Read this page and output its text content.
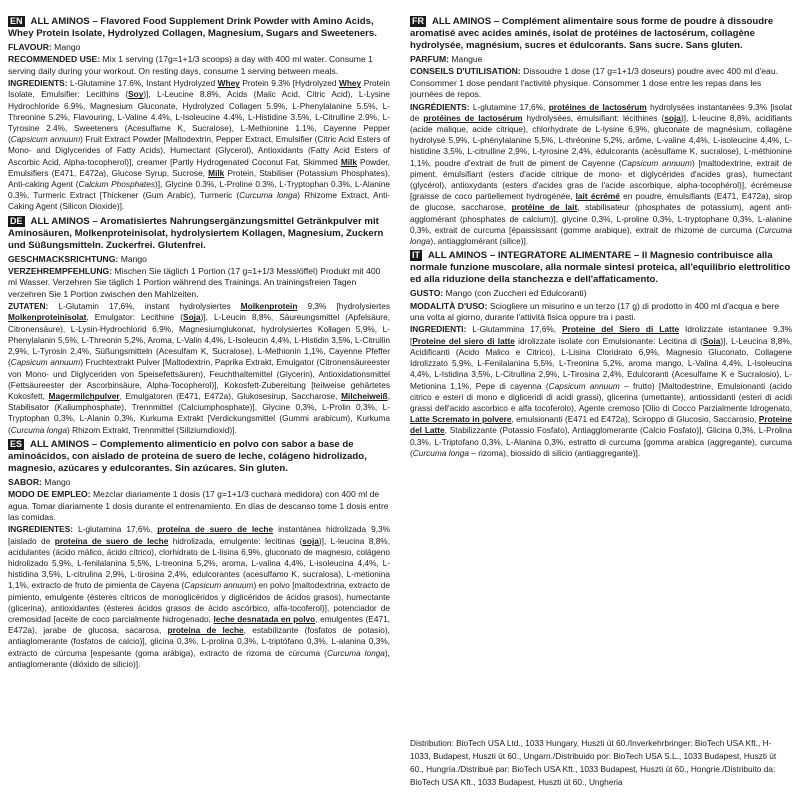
EN ALL AMINOS – Flavored Food Supplement Drink Powder with Amino Acids, Whey Protein Isolate, Hydrolyzed Collagen, Magnesium, Sugars and Sweeteners.
FLAVOUR: Mango
RECOMMENDED USE: Mix 1 serving (17g=1+1/3 scoops) a day with 400 ml water. Consume 1 serving daily during your workout. On resting days, consume 1 serving between meals.
INGREDIENTS: L-Glutamine 17.6%, Instant Hydrolyzed Whey Protein 9.3% [Hydrolyzed Whey Protein Isolate, Emulsifier: Lecithins (Soy)], L-Leucine 8.8%, Acids (Malic Acid, Citric Acid), L-Lysine Hydrochloride 6.9%, Magnesium Gluconate, Hydrolyzed Collagen 5.9%, L-Phenylalanine 5.5%, L-Threonine 5.2%, Flavouring, L-Valine 4.4%, L-Isoleucine 4.4%, L-Histidine 3.5%, L-Citrulline 2.9%, L-Tyrosine 2.4%, Sweeteners (Acesulfame K, Sucralose), L-Methionine 1.1%, Cayenne Pepper (Capsicum annuum) Fruit Extract Powder [Maltodextrin, Pepper Extract, Emulsifier (Citric Acid Esters of Mono- and Diglycerides of Fatty Acids), Humectant (Glycerol), Antioxidants (Fatty Acid Esters of Ascorbic Acid, Alpha-tocopherol)], creamer [Partly Hydrogenated Coconut Fat, Skimmed Milk Powder, Emulsifiers (E471, E472a), Glucose Syrup, Sucrose, Milk Protein, Stabiliser (Potassium Phosphates), Anti-caking Agent (Calcium Phosphates)], Glycine 0.3%, L-Proline 0.3%, L-Tryptophan 0.3%, L-Alanine 0.3%, Turmeric Extract [Thickener (Gum Arabic), Turmeric (Curcuma longa) Rhizome Extract, Anti-Caking Agent (Silicon Dioxide)].
DE ALL AMINOS – Aromatisiertes Nahrungsergänzungsmittel Getränkpulver mit Aminosäuren, Molkenproteinisolat, hydrolysiertem Kollagen, Magnesium, Zuckern und Süßungsmitteln. Zuckerfrei. Glutenfrei.
GESCHMACKSRICHTUNG: Mango
VERZEHREMPFEHLUNG: Mischen Sie täglich 1 Portion (17 g=1+1/3 Messlöffel) Produkt mit 400 ml Wasser. Verzehren Sie täglich 1 Portion während des Trainings. An trainingsfreien Tagen verzehren Sie 1 Portion zwischen den Mahlzeiten.
ZUTATEN: L-Glutamin 17,6%, instant hydrolysiertes Molkenprotein 9,3% [hydrolysiertes Molkenproteinisolat, Emulgator: Lecithine (Soja)], L-Leucin 8,8%, Säureungsmittel (Apfelsäure, Citronensäure), L-Lysin-Hydrochlorid 6,9%, Magnesiumglukonat, hydrolysiertes Kollagen 5,9%, L-Phenylalanin 5,5%, L-Threonin 5,2%, Aroma, L-Valin 4,4%, L-Isoleucin 4,4%, L-Histidin 3,5%, L-Citrullin 2,9%, L-Tyrosin 2,4%, Süßungsmitteln (Acesulfam K, Sucralose), L-Methionin 1,1%, Cayenne Pfeffer (Capsicum annuum) Fruchtextrakt Pulver [Maltodextrin, Paprika Extrakt, Emulgator (Citronensäureester von Mono- und Diglyceriden von Speisefettsäuren), Feuchthaltemittel (Glycerin), Antioxidationsmittel (Fettsäureester der Ascorbinsäure, Alpha-Tocopherol)], Kokosfett-Zubereitung [teilweise gehärtetes Kokosfett, Magermilchpulver, Emulgatoren (E471, E472a), Glukosesirup, Saccharose, Milcheiweiß, Stabilisator (Kaliumphosphate), Trennmittel (Calciumphosphate)], Glycine 0,3%, L-Prolin 0,3%, L-Tryptophan 0,3%, L-Alanin 0,3%, Kurkuma Extrakt [Verdickungsmittel (Gummi arabicum), Kurkuma (Curcuma longa) Rhizom Extrakt, Trennmittel (Siliziumdioxid)].
ES ALL AMINOS – Complemento alimenticio en polvo con sabor a base de aminoácidos, con aislado de proteína de suero de leche, colágeno hidrolizado, magnesio, azúcares y edulcorantes. Sin azúcares. Sin gluten.
SABOR: Mango
MODO DE EMPLEO: Mezclar diariamente 1 dosis (17 g=1+1/3 cuchara medidora) con 400 ml de agua. Tomar diariamente 1 dosis durante el entrenamiento. En días de descanso tome 1 dosis entre las comidas.
INGREDIENTES: L-glutamina 17,6%, proteína de suero de leche instantánea hidrolizada 9,3% [aislado de proteína de suero de leche hidrolizada, emulgente: lecitinas (soja)], L-leucina 8,8%, acidulantes (ácido málico, ácido cítrico), clorhidrato de L-lisina 6,9%, gluconato de magnesio, colágeno hidrolizado 5,9%, L-fenilalanina 5,5%, L-treonina 5,2%, aroma, L-valina 4,4%, L-isoleucina 4,4%, L-histidina 3,5%, L-citrulina 2,9%, L-tirosina 2,4%, edulcorantes (acesulfamo K, sucralosa), L-metionina 1,1%, extracto de fruto de pimienta de Cayena (Capsicum annuum) en polvo [maltodextrina, extracto de pimiento, emulgente (ésteres cítricos de monoglicéridos y diglicéridos de ácidos grasos), humectante (glicerina), antioxidantes (ésteres ácidos grasos de ácido ascórbico, alfa-tocoferol)], potenciador de cremosidad [aceite de coco parcialmente hidrogenado, leche desnatada en polvo, emulgentes (E471, E472a), jarabe de glucosa, sacarosa, proteína de leche, estabilizante (fosfatos de potasio), antiaglomerante (fosfatos de calcio)], glicina 0,3%, L-prolina 0,3%, L-triptófano 0,3%, L-alanina 0,3%, extracto de cúrcuma [espesante (goma arábiga), extracto de rizoma de cúrcuma (Curcuma longa), antiaglomerante (dióxido de silicio)].
FR ALL AMINOS – Complément alimentaire sous forme de poudre à dissoudre aromatisé avec acides aminés, isolat de protéines de lactosérum, collagène hydrolysée, magnésium, sucres et édulcorants. Sans sucre. Sans gluten.
PARFUM: Mangue
CONSEILS D'UTILISATION: Dissoudre 1 dose (17 g=1+1/3 doseurs) poudre avec 400 ml d'eau. Consommer 1 dose pendant l'activité physique. Consommer 1 dose entre les repas dans les journées de repos.
INGRÉDIENTS: L-glutamine 17,6%, protéines de lactosérum hydrolysées instantanées 9,3% [isolat de protéines de lactosérum hydrolysées, émulsifiant: lécithines (soja)], L-leucine 8,8%, acidifiants (acide malique, acide citrique), chlorhydrate de L-lysine 6,9%, gluconate de magnésium, collagène hydrolysé 5,9%, L-phénylalanine 5,5%, L-thréonine 5,2%, arôme, L-valine 4,4%, L-isoleucine 4,4%, L-histidine 3,5%, L-citrulline 2,9%, L-tyrosine 2,4%, édulcorants (acésulfame K, sucralose), L-méthionine 1,1%, poudre d'extrait de fruit de piment de Cayenne (Capsicum annuum) [maltodextrine, extrait de piment, émulsifiant (esters d'acide citrique de mono- et diglycérides d'acides gras), humectant (glycérol), antioxydants (esters d'acides gras de l'acide ascorbique, alpha-tocophérol)], écrémeuse [graisse de coco partiellement hydrogénée, lait écrémé en poudre, émulsifiants (E471, E472a), sirop de glucose, saccharose, protéine de lait, stabilisateur (phosphates de potassium), agent anti-agglomérant (phosphates de calcium)], glycine 0,3%, L-proline 0,3%, L-tryptophane 0,3%, L-alanine 0,3%, extrait de curcuma [épaississant (gomme arabique), extrait de rhizome de curcuma (Curcuma longa), antiagglomérant (silice)].
IT ALL AMINOS – INTEGRATORE ALIMENTARE – Il Magnesio contribuisce alla normale funzione muscolare, alla normale sintesi proteica, all'equilibrio elettrolitico ed alla riduzione della stanchezza e dell'affaticamento.
GUSTO: Mango (con Zuccheri ed Edulcoranti)
MODALITÀ D'USO: Sciogliere un misurino e un terzo (17 g) di prodotto in 400 ml d'acqua e bere una volta al giorno, durante l'attività fisica oppure tra i pasti.
INGREDIENTI: L-Glutammina 17,6%, Proteine del Siero di Latte Idrolizzate istantanee 9,3% [Proteine del siero di latte idrolizzate isolate con Emulsionante: Lecitina di (Soia)], L-Leucina 8,8%, Acidificanti (Acido Malico e Citrico), L-Lisina Cloridrato 6,9%, Magnesio Gluconato, Collagene Idrolizzato 5,9%, L-Fenilalanina 5,5%, L-Treonina 5,2%, aroma mango, L-Valina 4,4%, L-Isoleucina 4,4%, L-Istidina 3,5%, L-Citrullina 2,9%, L-Tirosina 2,4%, Edulcoranti (Acesulfame K e Sucralosio), L-Metionina 1,1%, Pepe di cayenna (Capsicum annuum – frutto) [Maltodestrine, Emulsionanti (acido citrico e esteri di mono e digliceridi di acidi grassi), glicerina (umettante), antiossidanti (esteri di acidi grassi dell'acido ascorbico e alfa tocoferolo), Agente cremoso [Olio di Cocco Parzialmente Idrogenato, Latte Scremato in polvere, emulsionanti (E471 ed E472a), Sciroppo di Glucosio, Saccarosio, Proteine del Latte, Stabilizzante (Potassio Fosfato), Antiagglomerante (Calcio Fosfato)], Glicina 0,3%, L-Prolina 0,3%, L-Triptofano 0,3%, L-Alanina 0,3%, estratto di curcuma [gomma arabica (aggregante), curcuma (Curcuma longa – rizoma), biossido di silicio (antiaggregante)].
Distribution: BioTech USA Ltd., 1033 Hungary, Huszti út 60./Inverkehrbringer: BioTech USA Kft., H-1033, Budapest, Huszti út 60., Ungarn./Distribuido por: BioTech USA S.L., 1033 Budapest, Huszti út 60., Hungría./Distribué par: BioTech USA Kft., 1033 Budapest, Huszti út 60., Hongrie./Distribuito da: BioTech USA Kft., 1033 Budapest, Huszti út 60., Ungheria
